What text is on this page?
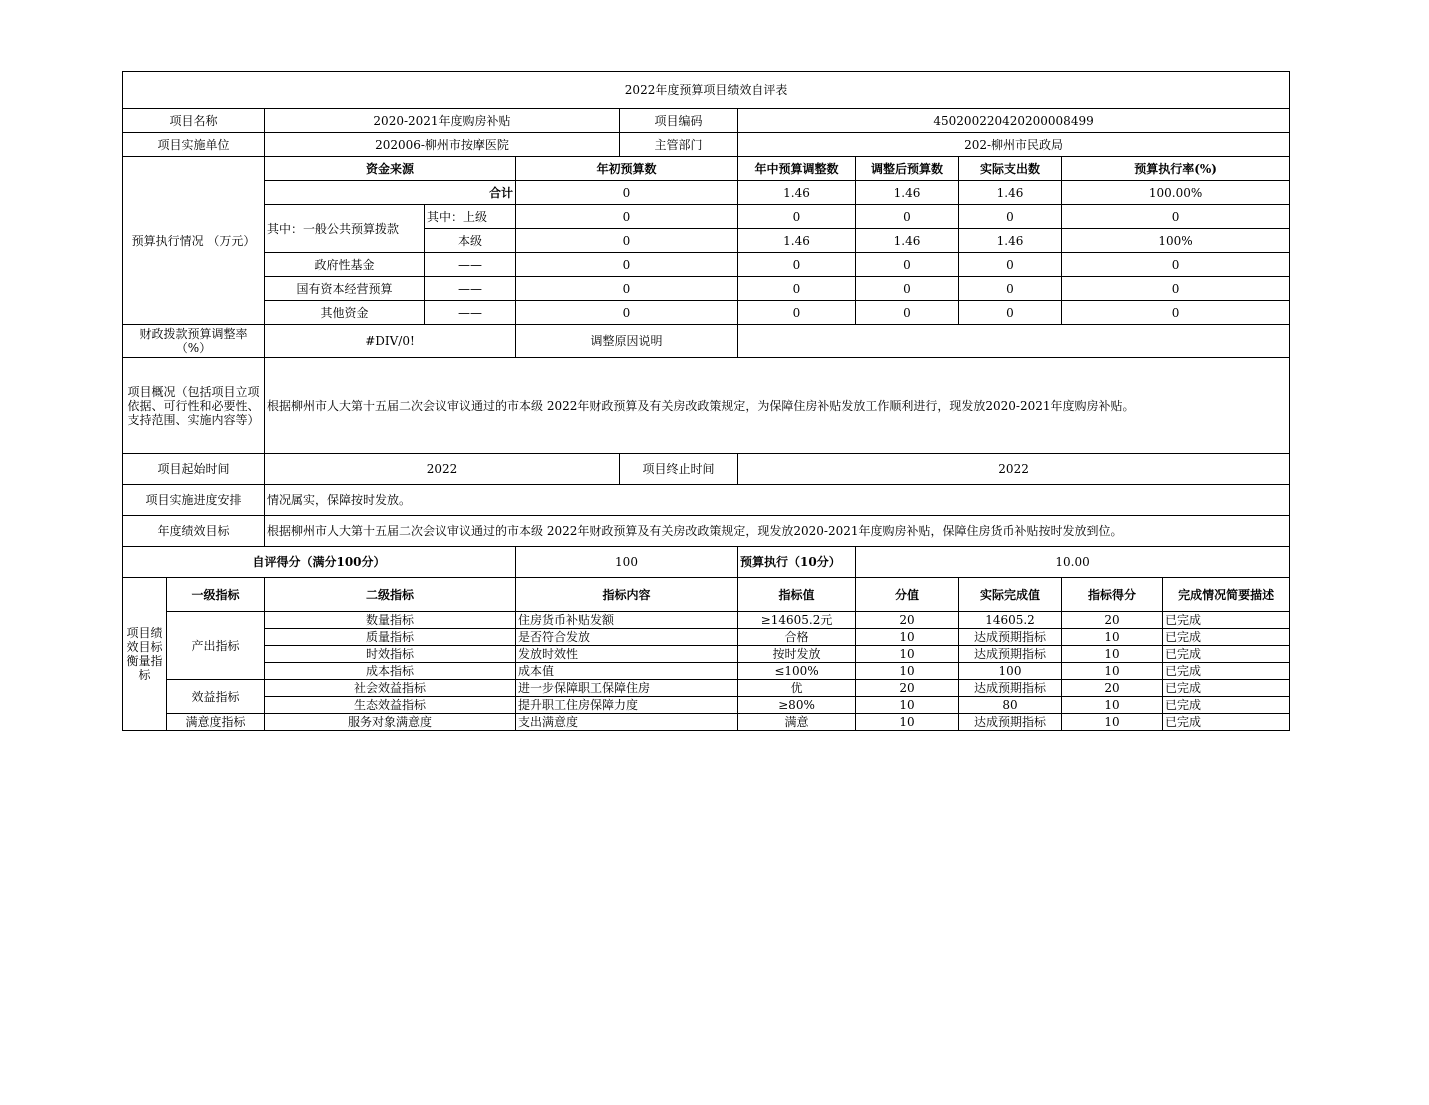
2022年度预算项目绩效自评表											
项目名称		2020-2021年度购房补贴			项目编码	450200220420200008499					
项目实施单位		202006-柳州市按摩医院			主管部门	202-柳州市民政局					
预算执行情况 （万元）		资金来源		年初预算数		年中预算调整数	调整后预算数	实际支出数	预算执行率(%)		
		合计		0		1.46	1.46	1.46	100.00%		
		其中：一般公共预算拨款	其中：上级	0		0	0	0	0		
			本级	0		1.46	1.46	1.46	100%		
		政府性基金	——	0		0	0	0	0		
		国有资本经营预算	——	0		0	0	0	0		
		其他资金	——	0		0	0	0	0		
财政拨款预算调整率（%）		#DIV/0!		调整原因说明							
项目概况（包括项目立项依据、可行性和必要性、支持范围、实施内容等）		根据柳州市人大第十五届二次会议审议通过的市本级 2022年财政预算及有关房改政策规定，为保障住房补贴发放工作顺利进行，现发放2020-2021年度购房补贴。									
项目起始时间		2022			项目终止时间	2022					
项目实施进度安排		情况属实，保障按时发放。									
年度绩效目标		根据柳州市人大第十五届二次会议审议通过的市本级 2022年财政预算及有关房改政策规定，现发放2020-2021年度购房补贴，保障住房货币补贴按时发放到位。									
自评得分（满分100分）				100		预算执行（10分）	10.00				
项目绩效目标衡量指标	一级指标	二级指标		指标内容		指标值	分值	实际完成值	指标得分	完成情况简要描述	
	产出指标	数量指标		住房货币补贴发额		≥14605.2元	20	14605.2	20	已完成	
		质量指标		是否符合发放		合格	10	达成预期指标	10	已完成	
		时效指标		发放时效性		按时发放	10	达成预期指标	10	已完成	
		成本指标		成本值		≤100%	10	100	10	已完成	
	效益指标	社会效益指标		进一步保障职工保障住房		优	20	达成预期指标	20	已完成	
		生态效益指标		提升职工住房保障力度		≥80%	10	80	10	已完成	
	满意度指标	服务对象满意度		支出满意度		满意	10	达成预期指标	10	已完成	
